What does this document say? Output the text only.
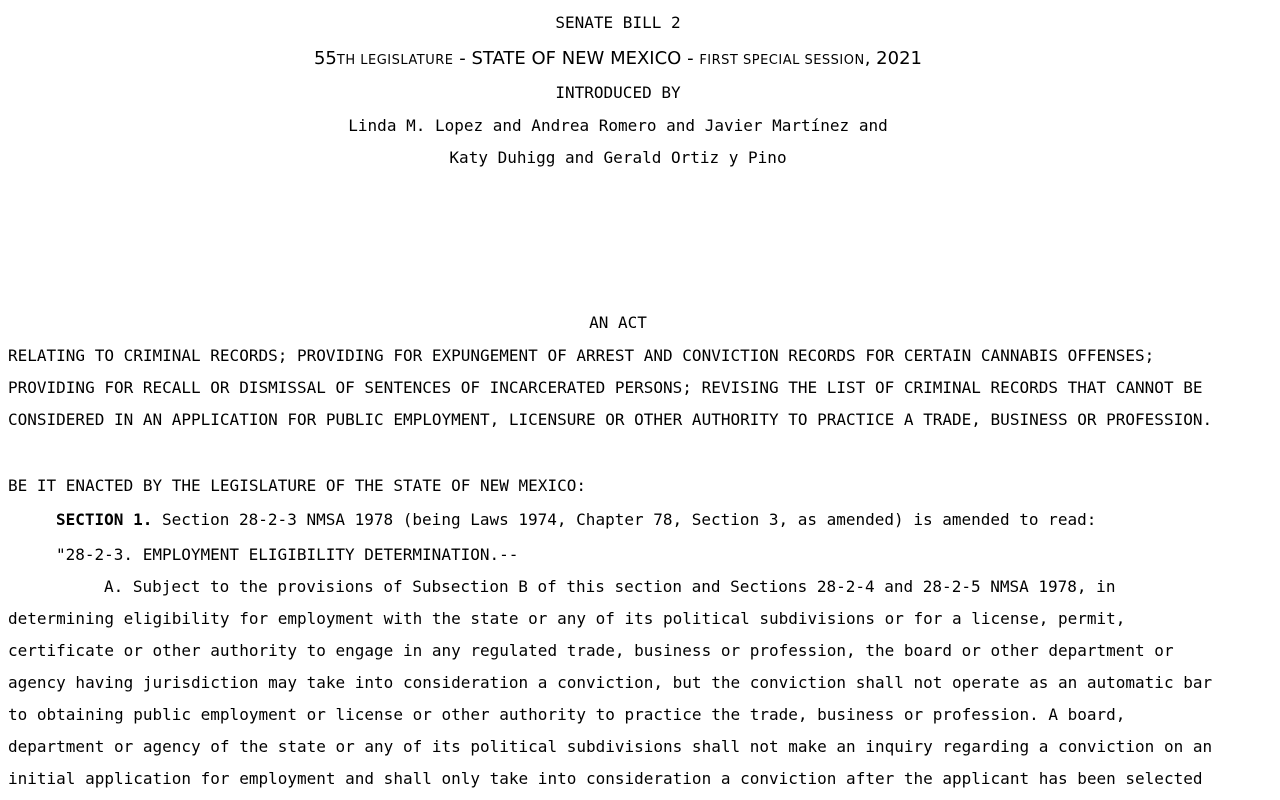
SENATE BILL 2
55TH LEGISLATURE - STATE OF NEW MEXICO - FIRST SPECIAL SESSION, 2021
INTRODUCED BY
Linda M. Lopez and Andrea Romero and Javier Martínez and
Katy Duhigg and Gerald Ortiz y Pino
AN ACT
RELATING TO CRIMINAL RECORDS; PROVIDING FOR EXPUNGEMENT OF ARREST AND CONVICTION RECORDS FOR CERTAIN CANNABIS OFFENSES;
PROVIDING FOR RECALL OR DISMISSAL OF SENTENCES OF INCARCERATED PERSONS; REVISING THE LIST OF CRIMINAL RECORDS THAT CANNOT BE
CONSIDERED IN AN APPLICATION FOR PUBLIC EMPLOYMENT, LICENSURE OR OTHER AUTHORITY TO PRACTICE A TRADE, BUSINESS OR PROFESSION.
BE IT ENACTED BY THE LEGISLATURE OF THE STATE OF NEW MEXICO:
SECTION 1. Section 28-2-3 NMSA 1978 (being Laws 1974, Chapter 78, Section 3, as amended) is amended to read:
"28-2-3. EMPLOYMENT ELIGIBILITY DETERMINATION.--
A. Subject to the provisions of Subsection B of this section and Sections 28-2-4 and 28-2-5 NMSA 1978, in
determining eligibility for employment with the state or any of its political subdivisions or for a license, permit,
certificate or other authority to engage in any regulated trade, business or profession, the board or other department or
agency having jurisdiction may take into consideration a conviction, but the conviction shall not operate as an automatic bar
to obtaining public employment or license or other authority to practice the trade, business or profession. A board,
department or agency of the state or any of its political subdivisions shall not make an inquiry regarding a conviction on an
initial application for employment and shall only take into consideration a conviction after the applicant has been selected
